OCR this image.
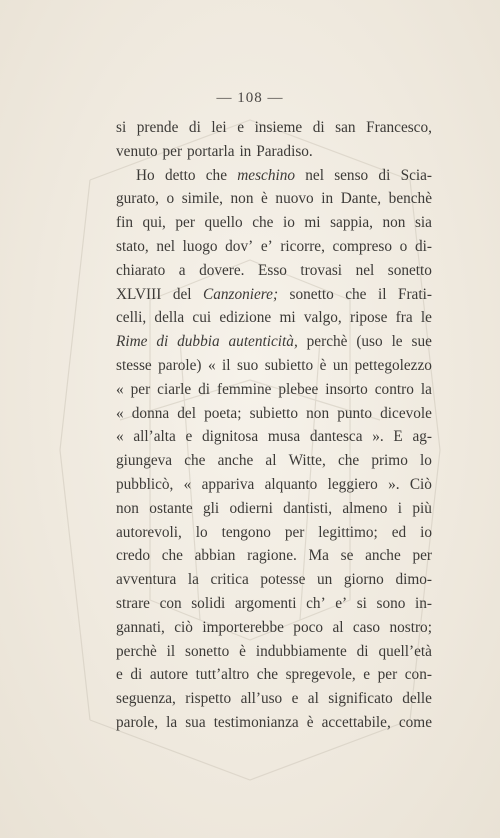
— 108 —
si prende di lei e insieme di san Francesco,
venuto per portarla in Paradiso.
Ho detto che meschino nel senso di Scia-
gurato, o simile, non è nuovo in Dante, benchè
fin qui, per quello che io mi sappia, non sia
stato, nel luogo dov’ e’ ricorre, compreso o di-
chiarato a dovere. Esso trovasi nel sonetto
XLVIII del Canzoniere; sonetto che il Frati-
celli, della cui edizione mi valgo, ripose fra le
Rime di dubbia autenticità, perchè (uso le sue
stesse parole) « il suo subietto è un pettegolezzo
« per ciarle di femmine plebee insorto contro la
« donna del poeta; subietto non punto dicevole
« all’alta e dignitosa musa dantesca ». E ag-
giungeva che anche al Witte, che primo lo
pubblicò, « appariva alquanto leggiero ». Ciò
non ostante gli odierni dantisti, almeno i più
autorevoli, lo tengono per legittimo; ed io
credo che abbian ragione. Ma se anche per
avventura la critica potesse un giorno dimo-
strare con solidi argomenti ch’ e’ si sono in-
gannati, ciò importerebbe poco al caso nostro;
perchè il sonetto è indubbiamente di quell’età
e di autore tutt’altro che spregevole, e per con-
seguenza, rispetto all’uso e al significato delle
parole, la sua testimonianza è accettabile, come
